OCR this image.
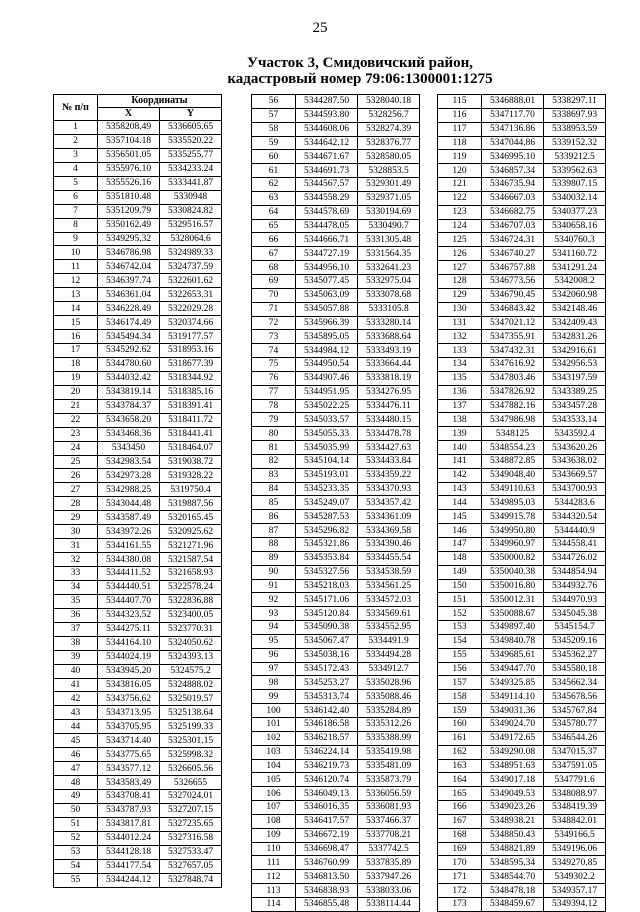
25
Участок 3, Смидовичский район,
кадастровый номер 79:06:1300001:1275
№ п/п	Координаты	
	X	Y
1	5358208.49	5336605.65
2	5357104.18	5335520.22
3	5356501.05	5335255.77
4	5355976.10	5334233.24
5	5355526.16	5333441.87
6	5351810.48	5330948
7	5351209.79	5330824.82
8	5350162.49	5329516.57
9	5349295.32	5328064.6
10	5346786.98	5324989.33
11	5346742.04	5324737.59
12	5346397.74	5322601.62
13	5346361.04	5322653.31
14	5346228.49	5322029.28
15	5346174.49	5320374.66
16	5345494.34	5319177.57
17	5345292.62	5318953.16
18	5344780.60	5318677.39
19	5344032.42	5318344.92
20	5343819.14	5318385.16
21	5343784.37	5318391.41
22	5343658.20	5318411.72
23	5343468.36	5318441.41
24	5343450	5318464.07
25	5342983.54	5319038.72
26	5342973.28	5319328.22
27	5342988.25	5319750.4
28	5343044.48	5319887.56
29	5343587.49	5320165.45
30	5343972.26	5320925.62
31	5344161.55	5321271.96
32	5344380.08	5321587.54
33	5344411.52	5321658.93
34	5344440.51	5322578.24
35	5344407.70	5322836.88
36	5344323.52	5323400.05
37	5344275.11	5323770.31
38	5344164.10	5324050.62
39	5344024.19	5324393.13
40	5343945.20	5324575.2
41	5343816.05	5324888.02
42	5343756.62	5325019.57
43	5343713.95	5325138.64
44	5343705.95	5325199.33
45	5343714.40	5325301.15
46	5343775.65	5325998.32
47	5343577.12	5326605.56
48	5343583.49	5326655
49	5343708.41	5327024.01
50	5343787.93	5327207.15
51	5343817.81	5327235.65
52	5344012.24	5327316.58
53	5344128.18	5327533.47
54	5344177.54	5327657.05
55	5344244.12	5327848.74
56	5344287.50	5328040.18
57	5344593.80	5328256.7
58	5344608.06	5328274.39
59	5344642.12	5328376.77
60	5344671.67	5328580.05
61	5344691.73	5328853.5
62	5344567.57	5329301.49
63	5344558.29	5329371.05
64	5344578.69	5330194.69
65	5344478.05	5330490.7
66	5344666.71	5331305.48
67	5344727.19	5331564.35
68	5344956.10	5332641.23
69	5345077.45	5332975.04
70	5345063.09	5333078.68
71	5345057.88	5333105.8
72	5345966.39	5333280.14
73	5345895.05	5333688.64
74	5344984.12	5333493.19
75	5344950.54	5333664.44
76	5344907.46	5333818.19
77	5344951.95	5334276.95
78	5345022.25	5334476.11
79	5345033.57	5334480.15
80	5345055.33	5334478.78
81	5345035.99	5334427.63
82	5345104.14	5334433.84
83	5345193.01	5334359.22
84	5345233.35	5334370.93
85	5345249.07	5334357.42
86	5345287.53	5334361.09
87	5345296.82	5334369.58
88	5345321.86	5334390.46
89	5345353.84	5334455.54
90	5345327.56	5334538.59
91	5345218.03	5334561.25
92	5345171.06	5334572.03
93	5345120.84	5334569.61
94	5345090.38	5334552.95
95	5345067.47	5334491.9
96	5345038.16	5334494.28
97	5345172.43	5334912.7
98	5345253.27	5335028.96
99	5345313.74	5335088.46
100	5346142.40	5335284.89
101	5346186.58	5335312.26
102	5346218.57	5335388.99
103	5346224.14	5335419.98
104	5346219.73	5335481.09
105	5346120.74	5335873.79
106	5346049.13	5336056.59
107	5346016.35	5336081.93
108	5346417.57	5337466.37
109	5346672.19	5337708.21
110	5346698.47	5337742.5
111	5346760.99	5337835.89
112	5346813.50	5337947.26
113	5346838.93	5338033.06
114	5346855.48	5338114.44
115	5346888.01	5338297.11
116	5347117.70	5338697.93
117	5347136.86	5338953.59
118	5347044.86	5339152.32
119	5346995.10	5339212.5
120	5346857.34	5339562.63
121	5346735.94	5339807.15
122	5346667.03	5340032.14
123	5346682.75	5340377.23
124	5346707.03	5340658.16
125	5346724.31	5340760.3
126	5346740.27	5341160.72
127	5346757.88	5341291.24
128	5346773.56	5342008.2
129	5346790.45	5342060.98
130	5346843.42	5342148.46
131	5347021.12	5342409.43
132	5347355.91	5342831.26
133	5347432.31	5342916.61
134	5347616.92	5342956.53
135	5347803.46	5343197.59
136	5347826.92	5343389.25
137	5347882.16	5343457.28
138	5347986.98	5343533.14
139	5348125	5343592.4
140	5348554.23	5343620.26
141	5348872.85	5343638.02
142	5349048.40	5343669.57
143	5349110.63	5343700.93
144	5349895.03	5344283.6
145	5349915.78	5344320.54
146	5349950.80	5344440.9
147	5349960.97	5344558.41
148	5350000.82	5344726.02
149	5350040.38	5344854.94
150	5350016.80	5344932.76
151	5350012.31	5344970.93
152	5350088.67	5345045.38
153	5349897.40	5345154.7
154	5349840.78	5345209.16
155	5349685.61	5345362.27
156	5349447.70	5345580.18
157	5349325.85	5345662.34
158	5349114.10	5345678.56
159	5349031.36	5345767.84
160	5349024.70	5345780.77
161	5349172.65	5346544.26
162	5349290.08	5347015.37
163	5348951.63	5347591.05
164	5349017.18	5347791.6
165	5349049.53	5348088.97
166	5349023.26	5348419.39
167	5348938.21	5348842.01
168	5348850.43	5349166.5
169	5348821.89	5349196.06
170	5348595.34	5349270.85
171	5348544.70	5349302.2
172	5348478.18	5349357.17
173	5348459.67	5349394.12
